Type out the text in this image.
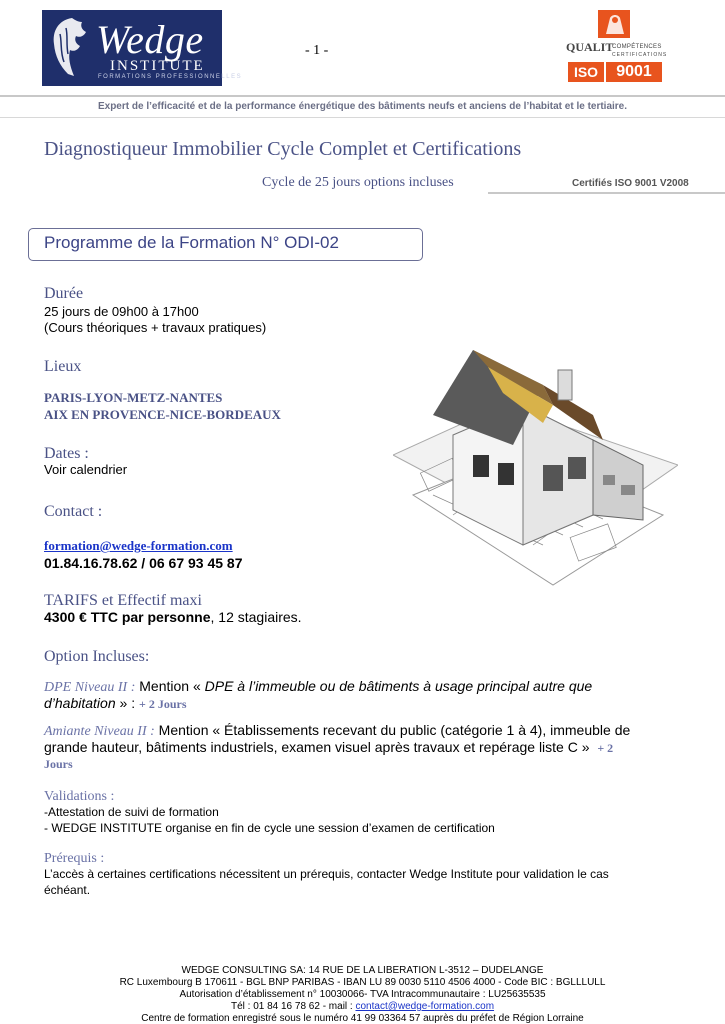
Wedge
INSTITUTE
FORMATIONS PROFESSIONNELLES
- 1 -	QUALIT
COMPÉTENCES
CERTIFICATIONS
ISO	9001
Expert de l’efficacité et de la performance énergétique des bâtiments neufs et anciens de l’habitat et le tertiaire.
Diagnostiqueur Immobilier Cycle Complet et Certifications
Cycle de 25 jours options incluses	Certifiés ISO 9001 V2008
Programme de la Formation N° ODI-02
Durée
25 jours de 09h00 à 17h00
(Cours théoriques + travaux pratiques)
Lieux
PARIS-LYON-METZ-NANTES
AIX EN PROVENCE-NICE-BORDEAUX
Dates :
Voir calendrier
Contact :
formation@wedge-formation.com
01.84.16.78.62 / 06 67 93 45 87
TARIFS et Effectif maxi
4300 € TTC par personne, 12 stagiaires.
Option Incluses:
DPE Niveau II : Mention « DPE à l’immeuble ou de bâtiments à usage principal autre que
d’habitation » : + 2 Jours
Amiante Niveau II : Mention « Établissements recevant du public (catégorie 1 à 4), immeuble de
grande hauteur, bâtiments industriels, examen visuel après travaux et repérage liste C » + 2
Jours
Validations :
-Attestation de suivi de formation
- WEDGE INSTITUTE organise en fin de cycle une session d’examen de certification
Prérequis :
L’accès à certaines certifications nécessitent un prérequis, contacter Wedge Institute pour validation le cas
échéant.
WEDGE CONSULTING SA: 14 RUE DE LA LIBERATION L-3512 – DUDELANGE
RC Luxembourg B 170611 - BGL BNP PARIBAS - IBAN LU 89 0030 5110 4506 4000 - Code BIC : BGLLLULL
Autorisation d’établissement n° 10030066- TVA Intracommunautaire : LU25635535
Tél : 01 84 16 78 62 - mail : contact@wedge-formation.com
Centre de formation enregistré sous le numéro 41 99 03364 57 auprès du préfet de Région Lorraine
